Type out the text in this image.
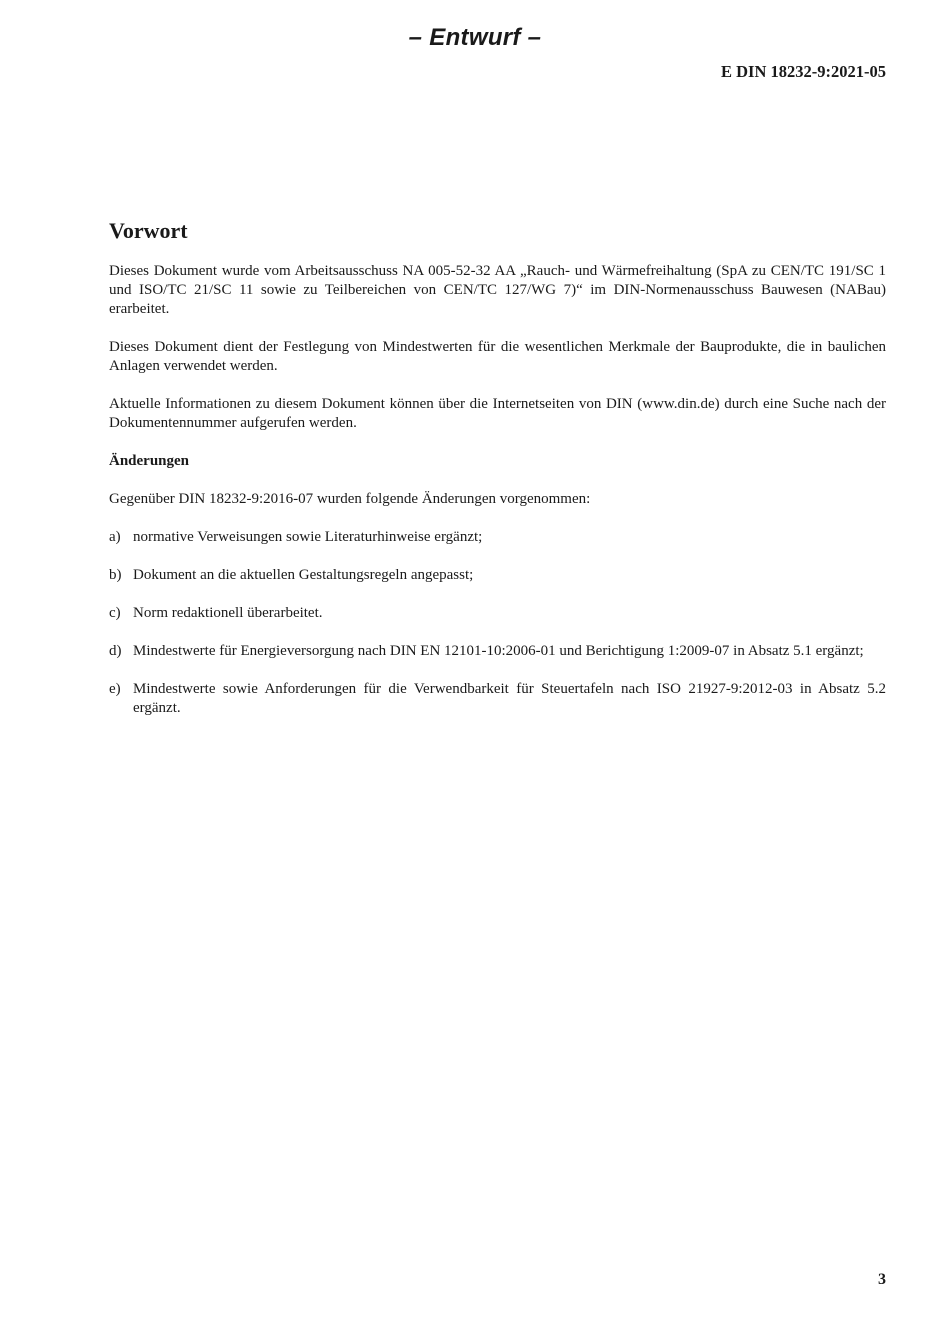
– Entwurf –
E DIN 18232-9:2021-05
Vorwort

Dieses Dokument wurde vom Arbeitsausschuss NA 005-52-32 AA „Rauch- und Wärmefreihaltung (SpA zu CEN/TC 191/SC 1 und ISO/TC 21/SC 11 sowie zu Teilbereichen von CEN/TC 127/WG 7)“ im DIN-Normenausschuss Bauwesen (NABau) erarbeitet.

Dieses Dokument dient der Festlegung von Mindestwerten für die wesentlichen Merkmale der Bauprodukte, die in baulichen Anlagen verwendet werden.

Aktuelle Informationen zu diesem Dokument können über die Internetseiten von DIN (www.din.de) durch eine Suche nach der Dokumentennummer aufgerufen werden.

Änderungen

Gegenüber DIN 18232-9:2016-07 wurden folgende Änderungen vorgenommen:

a) normative Verweisungen sowie Literaturhinweise ergänzt;
b) Dokument an die aktuellen Gestaltungsregeln angepasst;
c) Norm redaktionell überarbeitet.
d) Mindestwerte für Energieversorgung nach DIN EN 12101-10:2006-01 und Berichtigung 1:2009-07 in Absatz 5.1 ergänzt;
e) Mindestwerte sowie Anforderungen für die Verwendbarkeit für Steuertafeln nach ISO 21927-9:2012-03 in Absatz 5.2 ergänzt.
3
